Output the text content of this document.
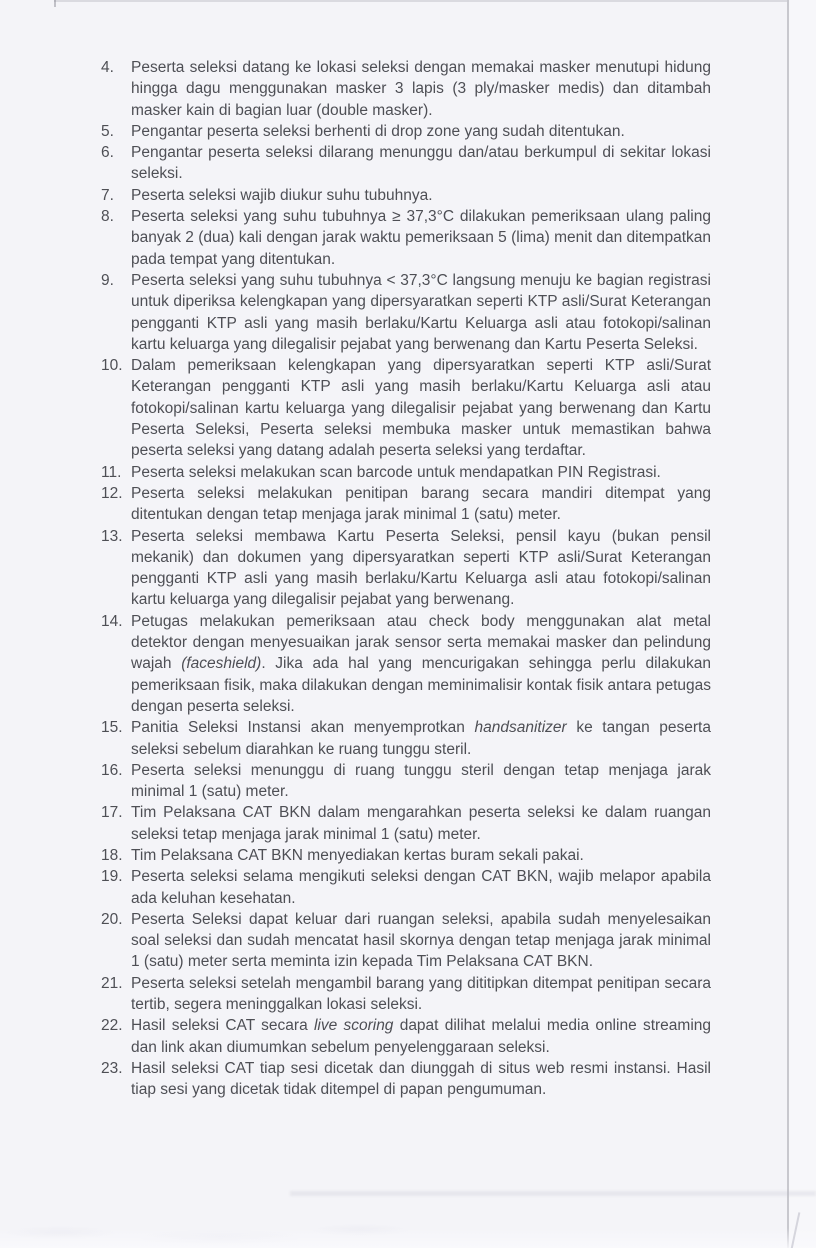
4.	Peserta seleksi datang ke lokasi seleksi dengan memakai masker menutupi hidung hingga dagu menggunakan masker 3 lapis (3 ply/masker medis) dan ditambah masker kain di bagian luar (double masker).
5.	Pengantar peserta seleksi berhenti di drop zone yang sudah ditentukan.
6.	Pengantar peserta seleksi dilarang menunggu dan/atau berkumpul di sekitar lokasi seleksi.
7.	Peserta seleksi wajib diukur suhu tubuhnya.
8.	Peserta seleksi yang suhu tubuhnya ≥ 37,3°C dilakukan pemeriksaan ulang paling banyak 2 (dua) kali dengan jarak waktu pemeriksaan 5 (lima) menit dan ditempatkan pada tempat yang ditentukan.
9.	Peserta seleksi yang suhu tubuhnya < 37,3°C langsung menuju ke bagian registrasi untuk diperiksa kelengkapan yang dipersyaratkan seperti KTP asli/Surat Keterangan pengganti KTP asli yang masih berlaku/Kartu Keluarga asli atau fotokopi/salinan kartu keluarga yang dilegalisir pejabat yang berwenang dan Kartu Peserta Seleksi.
10. Dalam pemeriksaan kelengkapan yang dipersyaratkan seperti KTP asli/Surat Keterangan pengganti KTP asli yang masih berlaku/Kartu Keluarga asli atau fotokopi/salinan kartu keluarga yang dilegalisir pejabat yang berwenang dan Kartu Peserta Seleksi, Peserta seleksi membuka masker untuk memastikan bahwa peserta seleksi yang datang adalah peserta seleksi yang terdaftar.
11. Peserta seleksi melakukan scan barcode untuk mendapatkan PIN Registrasi.
12. Peserta seleksi melakukan penitipan barang secara mandiri ditempat yang ditentukan dengan tetap menjaga jarak minimal 1 (satu) meter.
13. Peserta seleksi membawa Kartu Peserta Seleksi, pensil kayu (bukan pensil mekanik) dan dokumen yang dipersyaratkan seperti KTP asli/Surat Keterangan pengganti KTP asli yang masih berlaku/Kartu Keluarga asli atau fotokopi/salinan kartu keluarga yang dilegalisir pejabat yang berwenang.
14. Petugas melakukan pemeriksaan atau check body menggunakan alat metal detektor dengan menyesuaikan jarak sensor serta memakai masker dan pelindung wajah (faceshield). Jika ada hal yang mencurigakan sehingga perlu dilakukan pemeriksaan fisik, maka dilakukan dengan meminimalisir kontak fisik antara petugas dengan peserta seleksi.
15. Panitia Seleksi Instansi akan menyemprotkan handsanitizer ke tangan peserta seleksi sebelum diarahkan ke ruang tunggu steril.
16. Peserta seleksi menunggu di ruang tunggu steril dengan tetap menjaga jarak minimal 1 (satu) meter.
17. Tim Pelaksana CAT BKN dalam mengarahkan peserta seleksi ke dalam ruangan seleksi tetap menjaga jarak minimal 1 (satu) meter.
18. Tim Pelaksana CAT BKN menyediakan kertas buram sekali pakai.
19. Peserta seleksi selama mengikuti seleksi dengan CAT BKN, wajib melapor apabila ada keluhan kesehatan.
20. Peserta Seleksi dapat keluar dari ruangan seleksi, apabila sudah menyelesaikan soal seleksi dan sudah mencatat hasil skornya dengan tetap menjaga jarak minimal 1 (satu) meter serta meminta izin kepada Tim Pelaksana CAT BKN.
21. Peserta seleksi setelah mengambil barang yang dititipkan ditempat penitipan secara tertib, segera meninggalkan lokasi seleksi.
22. Hasil seleksi CAT secara live scoring dapat dilihat melalui media online streaming dan link akan diumumkan sebelum penyelenggaraan seleksi.
23. Hasil seleksi CAT tiap sesi dicetak dan diunggah di situs web resmi instansi. Hasil tiap sesi yang dicetak tidak ditempel di papan pengumuman.
